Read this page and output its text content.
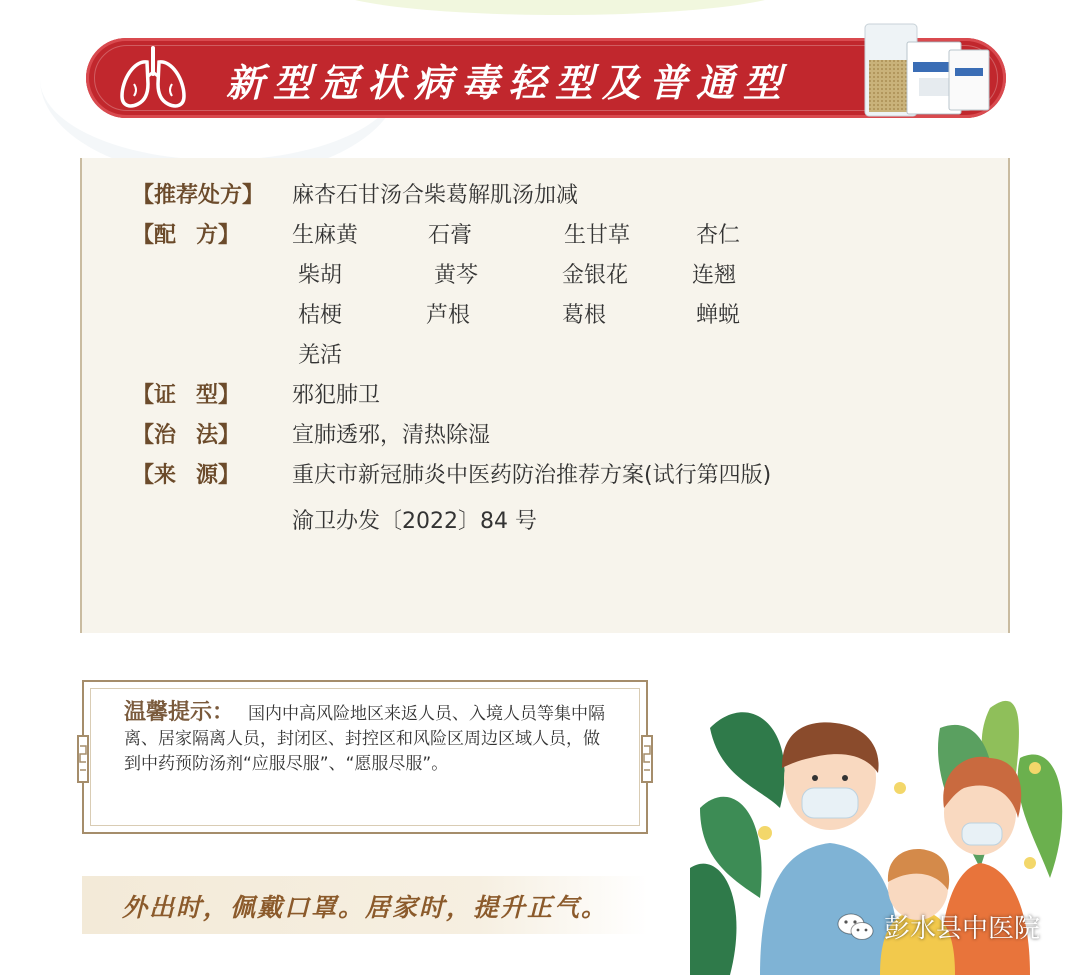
新型冠状病毒轻型及普通型
【推荐处方】 麻杏石甘汤合柴葛解肌汤加减
【配 方】 生麻黄	石膏	生甘草	杏仁
柴胡	黄芩	金银花	连翘
桔梗	芦根	葛根	蝉蜕
羌活
【证 型】 邪犯肺卫
【治 法】 宣肺透邪，清热除湿
【来 源】 重庆市新冠肺炎中医药防治推荐方案(试行第四版)
渝卫办发〔2022〕84 号
温馨提示： 国内中高风险地区来返人员、入境人员等集中隔离、居家隔离人员，封闭区、封控区和风险区周边区域人员，做到中药预防汤剂“应服尽服”、“愿服尽服”。
外出时，佩戴口罩。居家时，提升正气。
彭水县中医院
